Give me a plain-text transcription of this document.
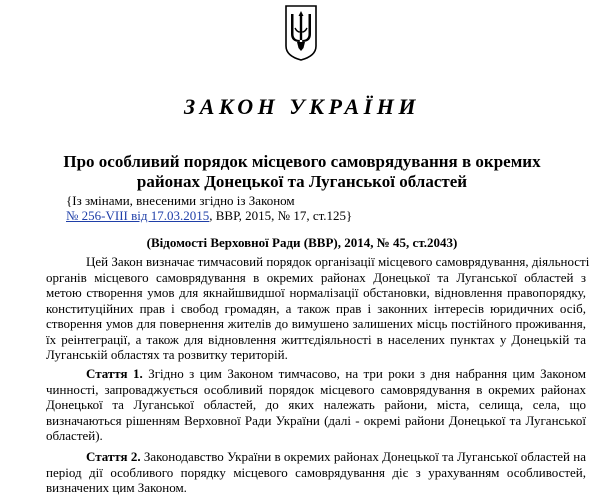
ЗАКОН УКРАЇНИ
Про особливий порядок місцевого самоврядування в окремих
районах Донецької та Луганської областей
{Із змінами, внесеними згідно із Законом
№ 256-VIII від 17.03.2015, ВВР, 2015, № 17, ст.125}
(Відомості Верховної Ради (ВВР), 2014, № 45, ст.2043)
Цей Закон визначає тимчасовий порядок організації місцевого самоврядування, діяльності
органів місцевого самоврядування в окремих районах Донецької та Луганської областей з
метою створення умов для якнайшвидшої нормалізації обстановки, відновлення правопорядку,
конституційних прав і свобод громадян, а також прав і законних інтересів юридичних осіб,
створення умов для повернення жителів до вимушено залишених місць постійного проживання,
їх реінтеграції, а також для відновлення життєдіяльності в населених пунктах у Донецькій та
Луганській областях та розвитку територій.
Стаття 1. Згідно з цим Законом тимчасово, на три роки з дня набрання цим Законом
чинності, запроваджується особливий порядок місцевого самоврядування в окремих районах
Донецької та Луганської областей, до яких належать райони, міста, селища, села, що
визначаються рішенням Верховної Ради України (далі - окремі райони Донецької та Луганської
областей).
Стаття 2. Законодавство України в окремих районах Донецької та Луганської областей на
період дії особливого порядку місцевого самоврядування діє з урахуванням особливостей,
визначених цим Законом.
